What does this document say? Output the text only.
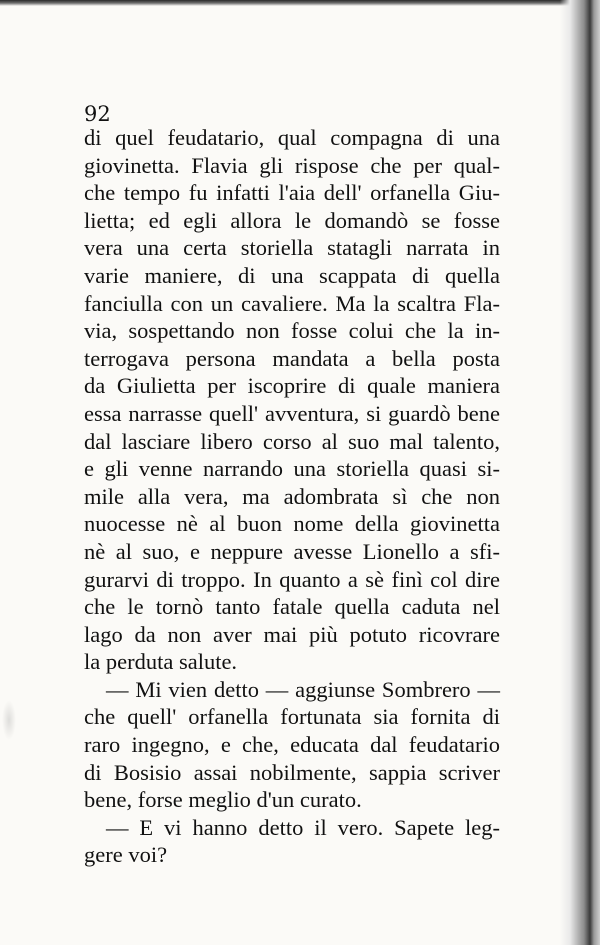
92
di quel feudatario, qual compagna di una
giovinetta. Flavia gli rispose che per qual-
che tempo fu infatti l'aia dell' orfanella Giu-
lietta; ed egli allora le domandò se fosse
vera una certa storiella statagli narrata in
varie maniere, di una scappata di quella
fanciulla con un cavaliere. Ma la scaltra Fla-
via, sospettando non fosse colui che la in-
terrogava persona mandata a bella posta
da Giulietta per iscoprire di quale maniera
essa narrasse quell' avventura, si guardò bene
dal lasciare libero corso al suo mal talento,
e gli venne narrando una storiella quasi si-
mile alla vera, ma adombrata sì che non
nuocesse nè al buon nome della giovinetta
nè al suo, e neppure avesse Lionello a sfi-
gurarvi di troppo. In quanto a sè finì col dire
che le tornò tanto fatale quella caduta nel
lago da non aver mai più potuto ricovrare
la perduta salute.
— Mi vien detto — aggiunse Sombrero —
che quell' orfanella fortunata sia fornita di
raro ingegno, e che, educata dal feudatario
di Bosisio assai nobilmente, sappia scriver
bene, forse meglio d'un curato.
— E vi hanno detto il vero. Sapete leg-
gere voi?
